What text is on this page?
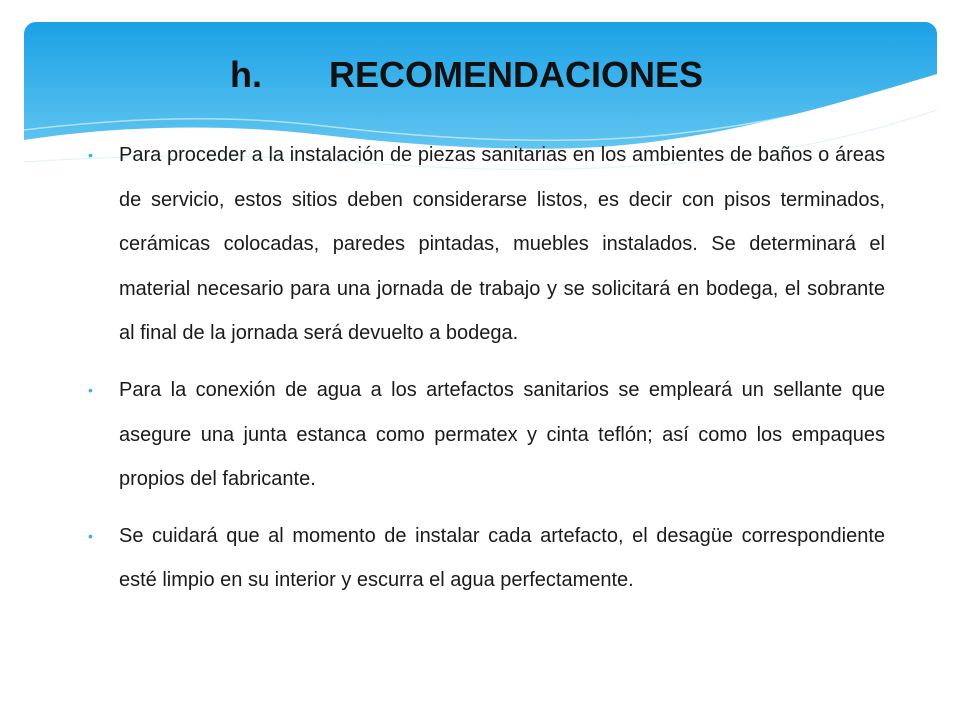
h. RECOMENDACIONES
• Para proceder a la instalación de piezas sanitarias en los ambientes de baños o áreas de servicio, estos sitios deben considerarse listos, es decir con pisos terminados, cerámicas colocadas, paredes pintadas, muebles instalados. Se determinará el material necesario para una jornada de trabajo y se solicitará en bodega, el sobrante al final de la jornada será devuelto a bodega.
• Para la conexión de agua a los artefactos sanitarios se empleará un sellante que asegure una junta estanca como permatex y cinta teflón; así como los empaques propios del fabricante.
• Se cuidará que al momento de instalar cada artefacto, el desagüe correspondiente esté limpio en su interior y escurra el agua perfectamente.
